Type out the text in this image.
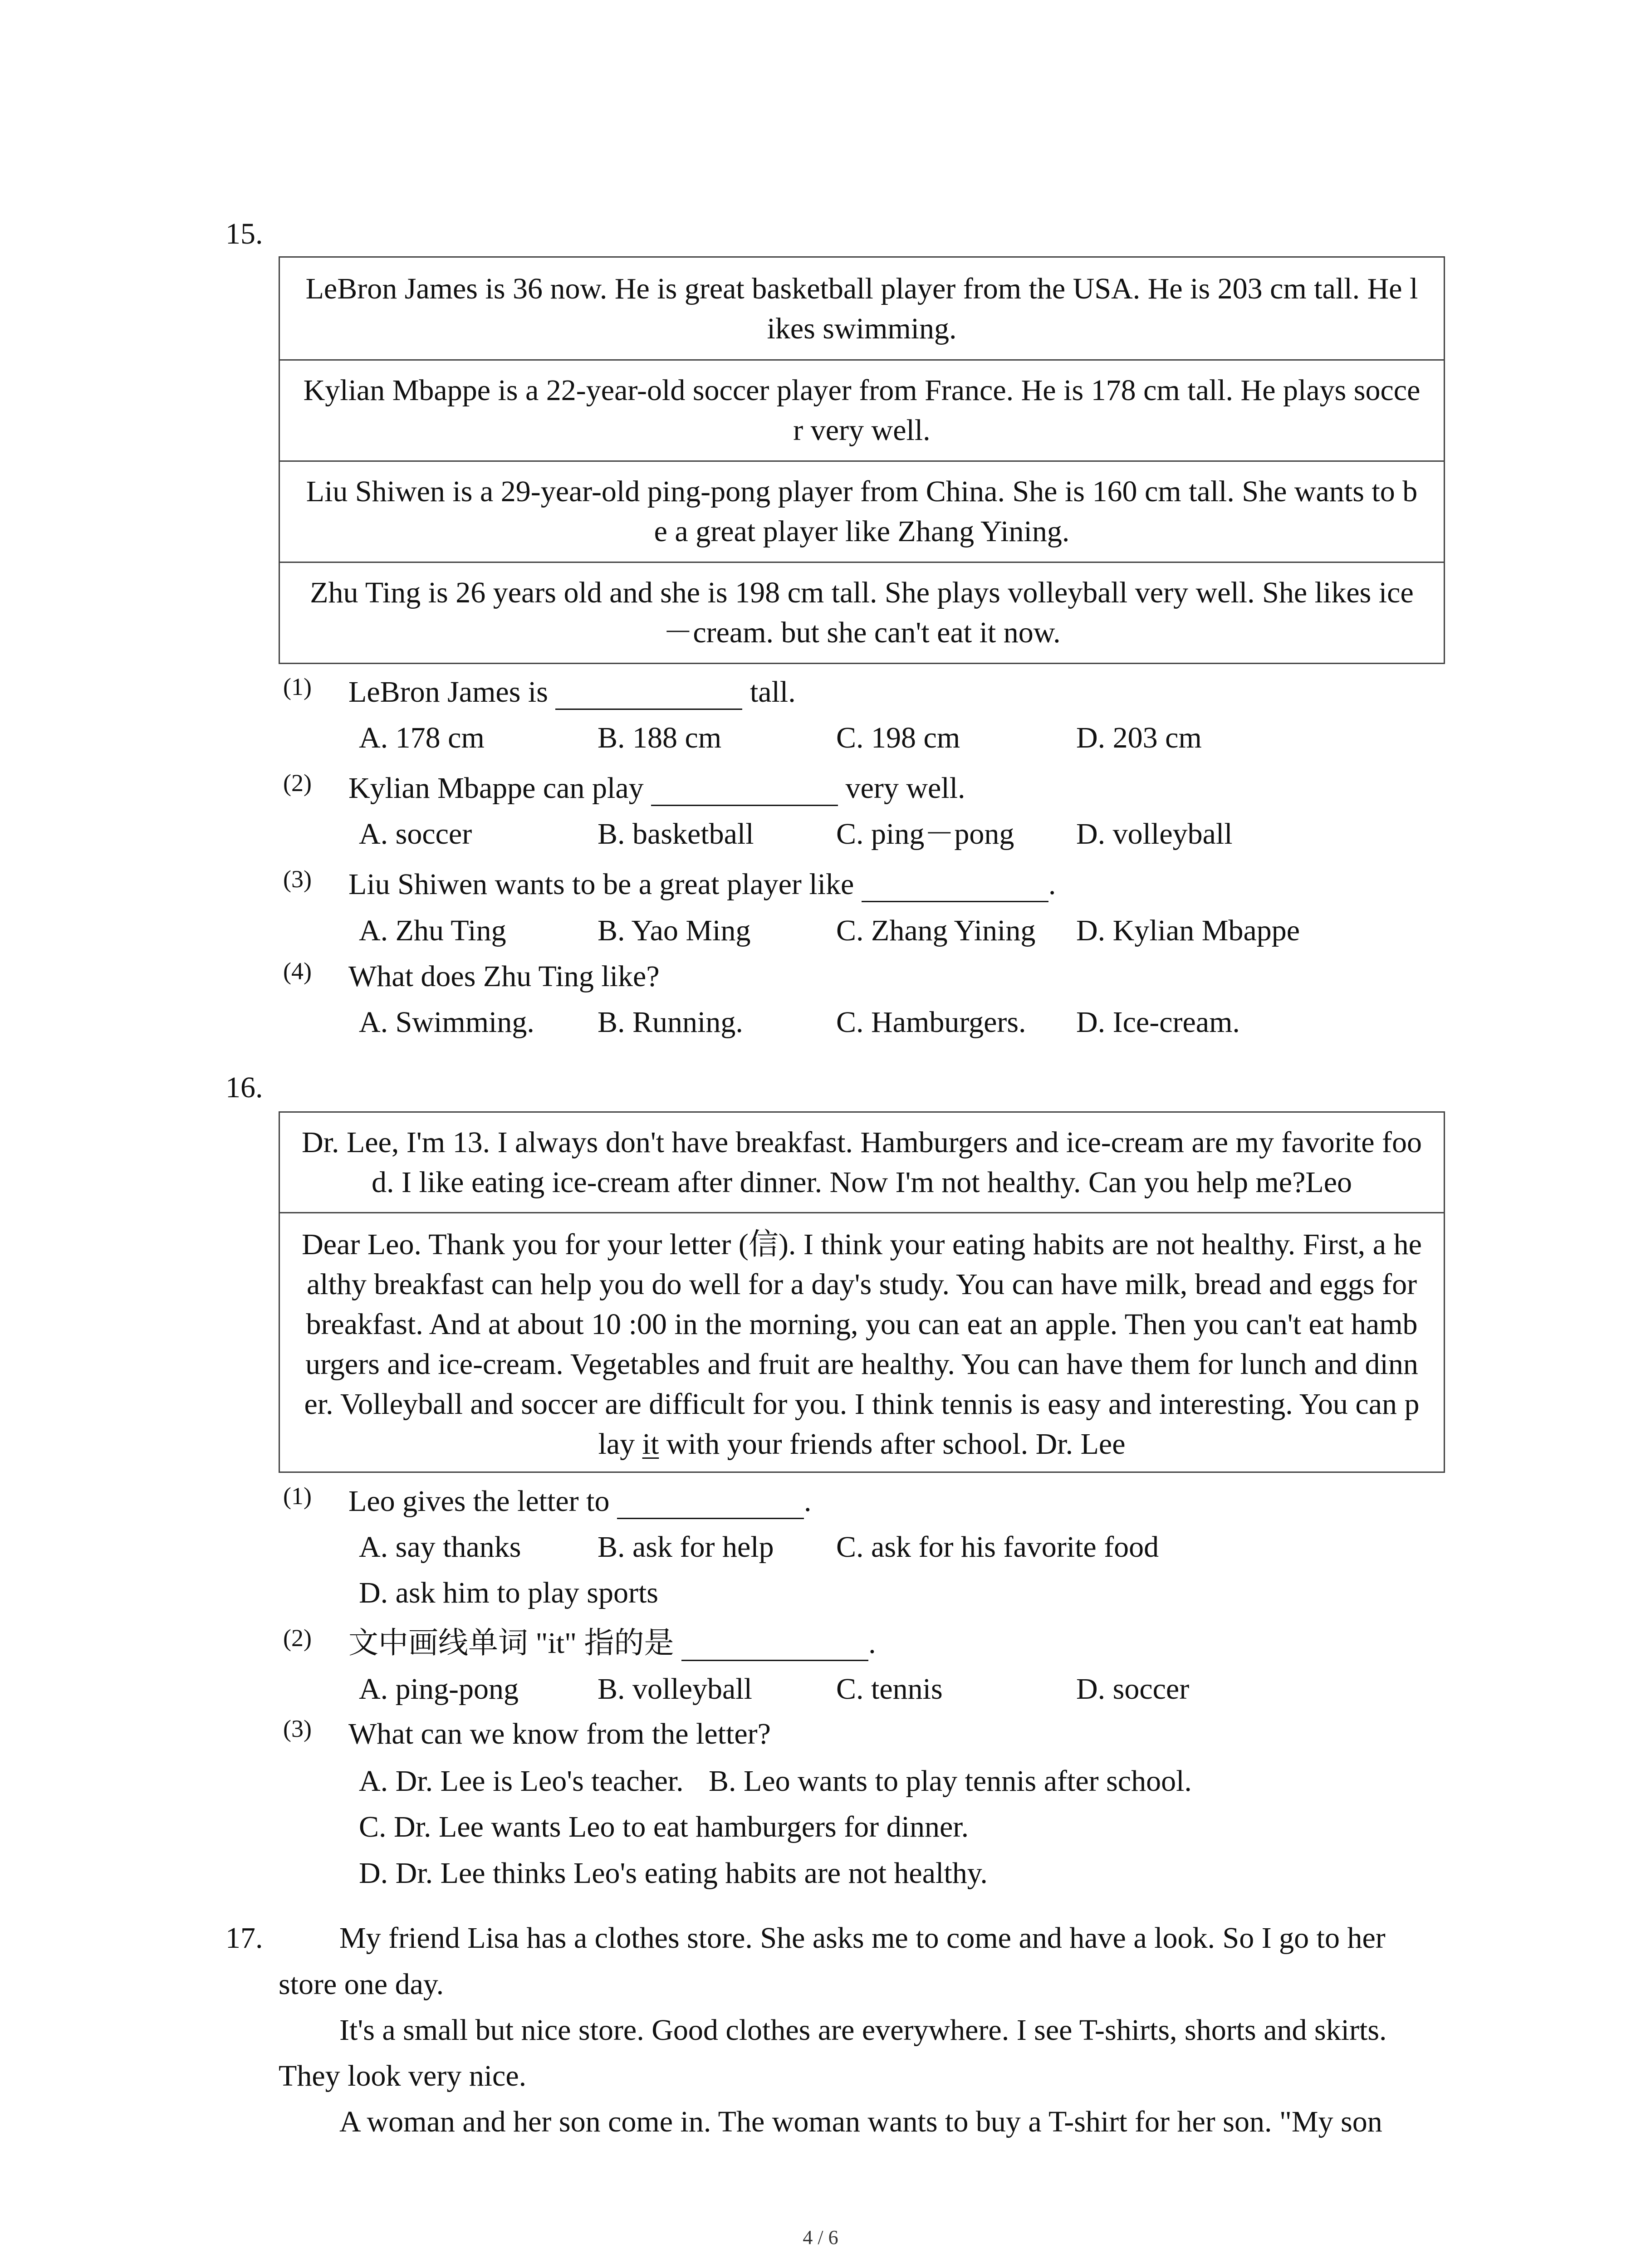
15.
LeBron James is 36 now. He is great basketball player from the USA. He is 203 cm tall. He l
ikes swimming.
Kylian Mbappe is a 22-year-old soccer player from France. He is 178 cm tall. He plays socce
r very well.
Liu Shiwen is a 29-year-old ping-pong player from China. She is 160 cm tall. She wants to b
e a great player like Zhang Yining.
Zhu Ting is 26 years old and she is 198 cm tall. She plays volleyball very well. She likes ice
－cream. but she can't eat it now.
(1) LeBron James is	tall.
A. 178 cm	B. 188 cm	C. 198 cm	D. 203 cm
(2) Kylian Mbappe can play	very well.
A. soccer	B. basketball	C. ping－pong D. volleyball
(3) Liu Shiwen wants to be a great player like	.
A. Zhu Ting	B. Yao Ming	C. Zhang Yining D. Kylian Mbappe
(4) What does Zhu Ting like?
A. Swimming. B. Running.	C. Hamburgers. D. Ice-cream.
16.
Dr. Lee, I'm 13. I always don't have breakfast. Hamburgers and ice-cream are my favorite foo
d. I like eating ice-cream after dinner. Now I'm not healthy. Can you help me?Leo
Dear Leo. Thank you for your letter (信). I think your eating habits are not healthy. First, a he
althy breakfast can help you do well for a day's study. You can have milk, bread and eggs for
breakfast. And at about 10 :00 in the morning, you can eat an apple. Then you can't eat hamb
urgers and ice-cream. Vegetables and fruit are healthy. You can have them for lunch and dinn
er. Volleyball and soccer are difficult for you. I think tennis is easy and interesting. You can p
lay it with your friends after school. Dr. Lee
(1) Leo gives the letter to	.
A. say thanks	B. ask for help C. ask for his favorite food
D. ask him to play sports
(2) 文中画线单词 "it" 指的是	.
A. ping-pong	B. volleyball	C. tennis	D. soccer
(3) What can we know from the letter?
A. Dr. Lee is Leo's teacher. B. Leo wants to play tennis after school.
C. Dr. Lee wants Leo to eat hamburgers for dinner.
D. Dr. Lee thinks Leo's eating habits are not healthy.
17.	My friend Lisa has a clothes store. She asks me to come and have a look. So I go to her
store one day.
It's a small but nice store. Good clothes are everywhere. I see T-shirts, shorts and skirts.
They look very nice.
A woman and her son come in. The woman wants to buy a T-shirt for her son. "My son
4 / 6
